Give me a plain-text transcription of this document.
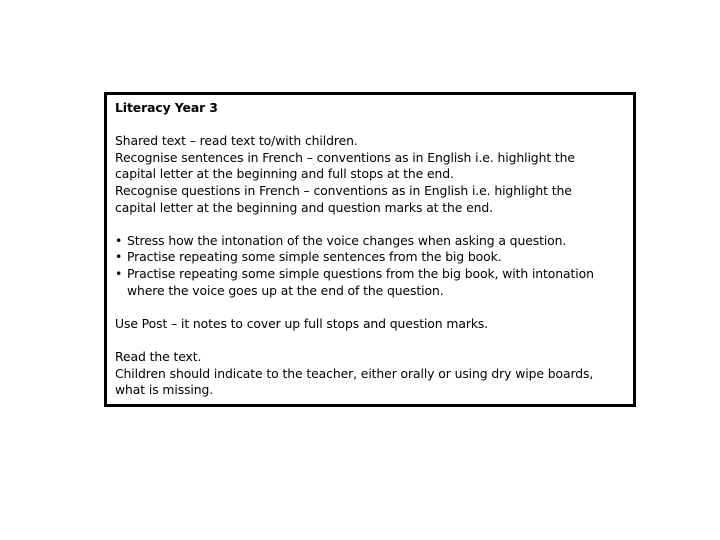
Literacy Year 3

Shared text – read text to/with children.

Recognise sentences in French – conventions as in English i.e. highlight the

capital letter at the beginning and full stops at the end.

Recognise questions in French – conventions as in English i.e. highlight the

capital letter at the beginning and question marks at the end.

• Stress how the intonation of the voice changes when asking a question.
• Practise repeating some simple sentences from the big book.
• Practise repeating some simple questions from the big book, with intonation where the voice goes up at the end of the question.

Use Post – it notes to cover up full stops and question marks.

Read the text.

Children should indicate to the teacher, either orally or using dry wipe boards,

what is missing.
